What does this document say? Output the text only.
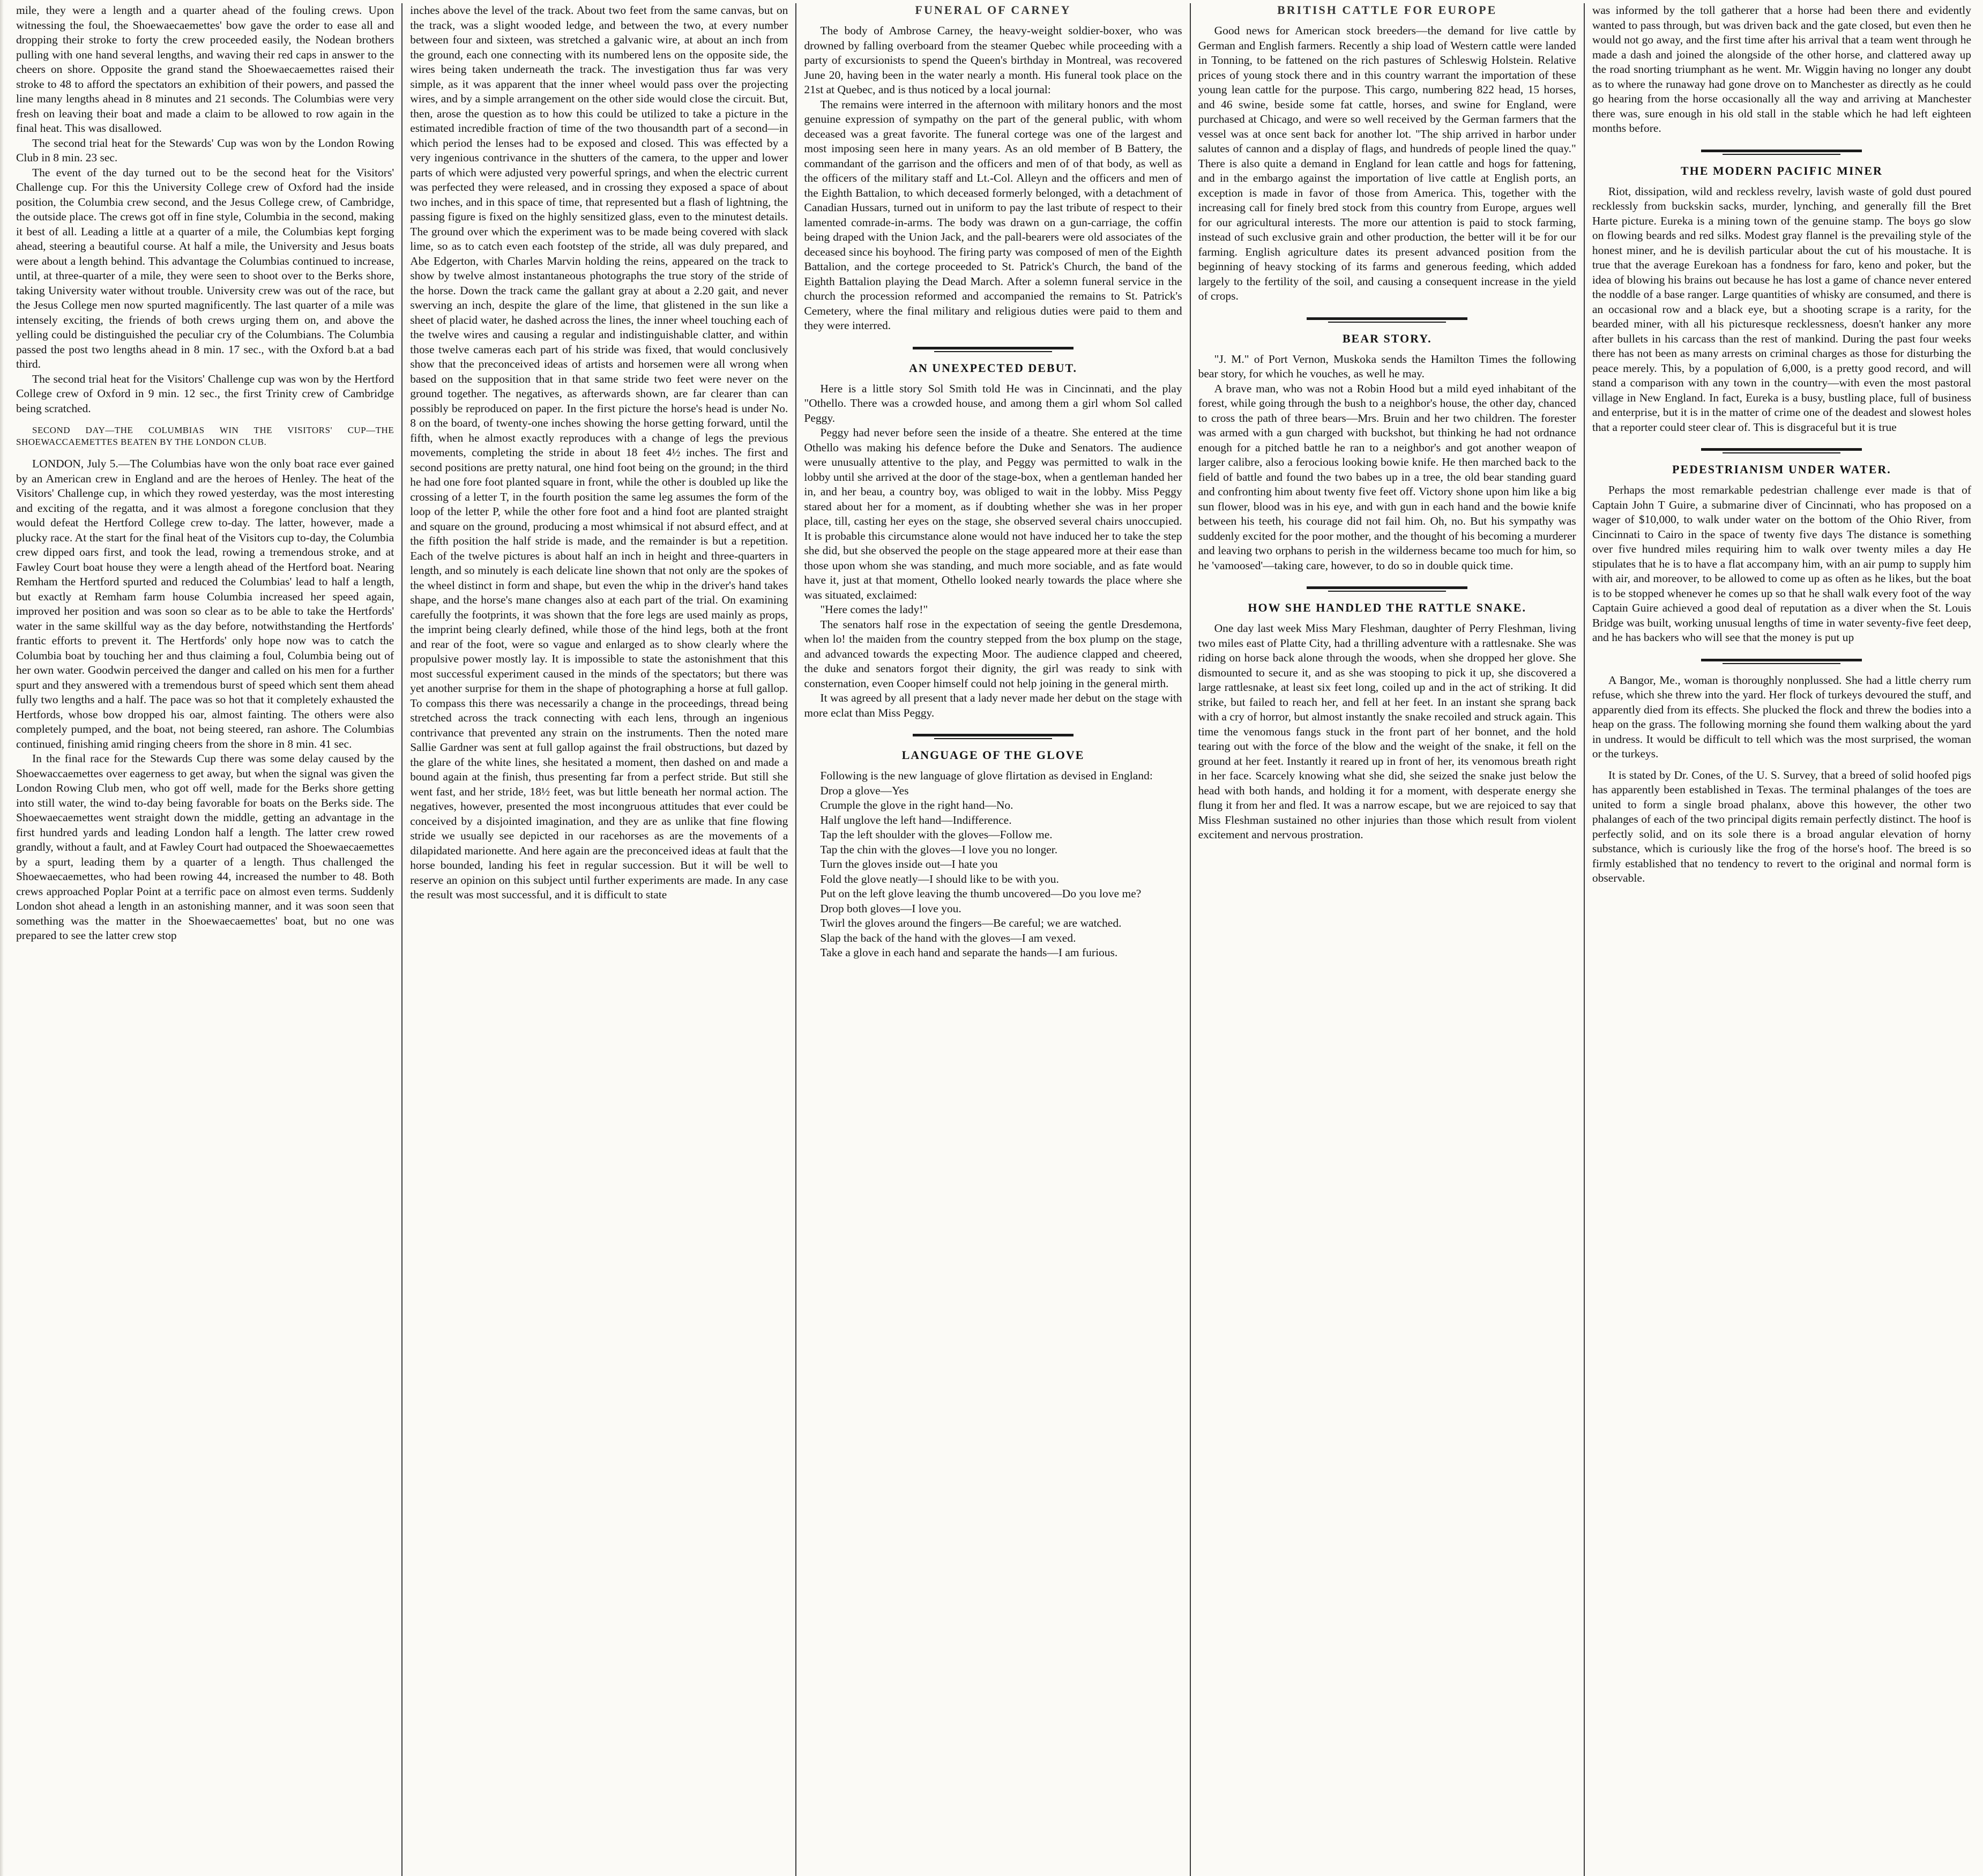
mile, they were a length and a quarter ahead of the fouling crews. Upon witnessing the foul, the Shoewaecaemettes' bow gave the order to ease all and dropping their stroke to forty the crew proceeded easily, the Nodean brothers pulling with one hand several lengths, and waving their red caps in answer to the cheers on shore. Opposite the grand stand the Shoewaecaemettes raised their stroke to 48 to afford the spectators an exhibition of their powers, and passed the line many lengths ahead in 8 minutes and 21 seconds. The Columbias were very fresh on leaving their boat and made a claim to be allowed to row again in the final heat. This was disallowed.

The second trial heat for the Stewards' Cup was won by the London Rowing Club in 8 min. 23 sec.

The event of the day turned out to be the second heat for the Visitors' Challenge cup. For this the University College crew of Oxford had the inside position, the Columbia crew second, and the Jesus College crew, of Cambridge, the outside place. The crews got off in fine style, Columbia in the second, making it best of all. Leading a little at a quarter of a mile, the Columbias kept forging ahead, steering a beautiful course. At half a mile, the University and Jesus boats were about a length behind. This advantage the Columbias continued to increase, until, at three-quarter of a mile, they were seen to shoot over to the Berks shore, taking University water without trouble. University crew was out of the race, but the Jesus College men now spurted magnificently. The last quarter of a mile was intensely exciting, the friends of both crews urging them on, and above the yelling could be distinguished the peculiar cry of the Columbians. The Columbia passed the post two lengths ahead in 8 min. 17 sec., with the Oxford b.at a bad third.

The second trial heat for the Visitors' Challenge cup was won by the Hertford College crew of Oxford in 9 min. 12 sec., the first Trinity crew of Cambridge being scratched.

SECOND DAY—THE COLUMBIAS WIN THE VISITORS' CUP—THE SHOEWACCAEMETTES BEATEN BY THE LONDON CLUB.

LONDON, July 5.—The Columbias have won the only boat race ever gained by an American crew in England and are the heroes of Henley. The heat of the Visitors' Challenge cup, in which they rowed yesterday, was the most interesting and exciting of the regatta, and it was almost a foregone conclusion that they would defeat the Hertford College crew to-day. The latter, however, made a plucky race. At the start for the final heat of the Visitors cup to-day, the Columbia crew dipped oars first, and took the lead, rowing a tremendous stroke, and at Fawley Court boat house they were a length ahead of the Hertford boat. Nearing Remham the Hertford spurted and reduced the Columbias' lead to half a length, but exactly at Remham farm house Columbia increased her speed again, improved her position and was soon so clear as to be able to take the Hertfords' water in the same skillful way as the day before, notwithstanding the Hertfords' frantic efforts to prevent it. The Hertfords' only hope now was to catch the Columbia boat by touching her and thus claiming a foul, Columbia being out of her own water. Goodwin perceived the danger and called on his men for a further spurt and they answered with a tremendous burst of speed which sent them ahead fully two lengths and a half. The pace was so hot that it completely exhausted the Hertfords, whose bow dropped his oar, almost fainting. The others were also completely pumped, and the boat, not being steered, ran ashore. The Columbias continued, finishing amid ringing cheers from the shore in 8 min. 41 sec.

In the final race for the Stewards Cup there was some delay caused by the Shoewaccaemettes over eagerness to get away, but when the signal was given the London Rowing Club men, who got off well, made for the Berks shore getting into still water, the wind to-day being favorable for boats on the Berks side. The Shoewaecaemettes went straight down the middle, getting an advantage in the first hundred yards and leading London half a length. The latter crew rowed grandly, without a fault, and at Fawley Court had outpaced the Shoewaecaemettes by a spurt, leading them by a quarter of a length. Thus challenged the Shoewaecaemettes, who had been rowing 44, increased the number to 48. Both crews approached Poplar Point at a terrific pace on almost even terms. Suddenly London shot ahead a length in an astonishing manner, and it was soon seen that something was the matter in the Shoewaecaemettes' boat, but no one was prepared to see the latter crew stop

inches above the level of the track. About two feet from the same canvas, but on the track, was a slight wooded ledge, and between the two, at every number between four and sixteen, was stretched a galvanic wire, at about an inch from the ground, each one connecting with its numbered lens on the opposite side, the wires being taken underneath the track. The investigation thus far was very simple, as it was apparent that the inner wheel would pass over the projecting wires, and by a simple arrangement on the other side would close the circuit. But, then, arose the question as to how this could be utilized to take a picture in the estimated incredible fraction of time of the two thousandth part of a second—in which period the lenses had to be exposed and closed. This was effected by a very ingenious contrivance in the shutters of the camera, to the upper and lower parts of which were adjusted very powerful springs, and when the electric current was perfected they were released, and in crossing they exposed a space of about two inches, and in this space of time, that represented but a flash of lightning, the passing figure is fixed on the highly sensitized glass, even to the minutest details. The ground over which the experiment was to be made being covered with slack lime, so as to catch even each footstep of the stride, all was duly prepared, and Abe Edgerton, with Charles Marvin holding the reins, appeared on the track to show by twelve almost instantaneous photographs the true story of the stride of the horse. Down the track came the gallant gray at about a 2.20 gait, and never swerving an inch, despite the glare of the lime, that glistened in the sun like a sheet of placid water, he dashed across the lines, the inner wheel touching each of the twelve wires and causing a regular and indistinguishable clatter, and within those twelve cameras each part of his stride was fixed, that would conclusively show that the preconceived ideas of artists and horsemen were all wrong when based on the supposition that in that same stride two feet were never on the ground together. The negatives, as afterwards shown, are far clearer than can possibly be reproduced on paper. In the first picture the horse's head is under No. 8 on the board, of twenty-one inches showing the horse getting forward, until the fifth, when he almost exactly reproduces with a change of legs the previous movements, completing the stride in about 18 feet 4½ inches. The first and second positions are pretty natural, one hind foot being on the ground; in the third he had one fore foot planted square in front, while the other is doubled up like the crossing of a letter T, in the fourth position the same leg assumes the form of the loop of the letter P, while the other fore foot and a hind foot are planted straight and square on the ground, producing a most whimsical if not absurd effect, and at the fifth position the half stride is made, and the remainder is but a repetition. Each of the twelve pictures is about half an inch in height and three-quarters in length, and so minutely is each delicate line shown that not only are the spokes of the wheel distinct in form and shape, but even the whip in the driver's hand takes shape, and the horse's mane changes also at each part of the trial. On examining carefully the footprints, it was shown that the fore legs are used mainly as props, the imprint being clearly defined, while those of the hind legs, both at the front and rear of the foot, were so vague and enlarged as to show clearly where the propulsive power mostly lay. It is impossible to state the astonishment that this most successful experiment caused in the minds of the spectators; but there was yet another surprise for them in the shape of photographing a horse at full gallop. To compass this there was necessarily a change in the proceedings, thread being stretched across the track connecting with each lens, through an ingenious contrivance that prevented any strain on the instruments. Then the noted mare Sallie Gardner was sent at full gallop against the frail obstructions, but dazed by the glare of the white lines, she hesitated a moment, then dashed on and made a bound again at the finish, thus presenting far from a perfect stride. But still she went fast, and her stride, 18½ feet, was but little beneath her normal action. The negatives, however, presented the most incongruous attitudes that ever could be conceived by a disjointed imagination, and they are as unlike that fine flowing stride we usually see depicted in our racehorses as are the movements of a dilapidated marionette. And here again are the preconceived ideas at fault that the horse bounded, landing his feet in regular succession. But it will be well to reserve an opinion on this subject until further experiments are made. In any case the result was most successful, and it is difficult to state

FUNERAL OF CARNEY

The body of Ambrose Carney, the heavy-weight soldier-boxer, who was drowned by falling overboard from the steamer Quebec while proceeding with a party of excursionists to spend the Queen's birthday in Montreal, was recovered June 20, having been in the water nearly a month. His funeral took place on the 21st at Quebec, and is thus noticed by a local journal:

The remains were interred in the afternoon with military honors and the most genuine expression of sympathy on the part of the general public, with whom deceased was a great favorite. The funeral cortege was one of the largest and most imposing seen here in many years. As an old member of B Battery, the commandant of the garrison and the officers and men of of that body, as well as the officers of the military staff and Lt.-Col. Alleyn and the officers and men of the Eighth Battalion, to which deceased formerly belonged, with a detachment of Canadian Hussars, turned out in uniform to pay the last tribute of respect to their lamented comrade-in-arms. The body was drawn on a gun-carriage, the coffin being draped with the Union Jack, and the pall-bearers were old associates of the deceased since his boyhood. The firing party was composed of men of the Eighth Battalion, and the cortege proceeded to St. Patrick's Church, the band of the Eighth Battalion playing the Dead March. After a solemn funeral service in the church the procession reformed and accompanied the remains to St. Patrick's Cemetery, where the final military and religious duties were paid to them and they were interred.

AN UNEXPECTED DEBUT.

Here is a little story Sol Smith told He was in Cincinnati, and the play "Othello. There was a crowded house, and among them a girl whom Sol called Peggy.

Peggy had never before seen the inside of a theatre. She entered at the time Othello was making his defence before the Duke and Senators. The audience were unusually attentive to the play, and Peggy was permitted to walk in the lobby until she arrived at the door of the stage-box, when a gentleman handed her in, and her beau, a country boy, was obliged to wait in the lobby. Miss Peggy stared about her for a moment, as if doubting whether she was in her proper place, till, casting her eyes on the stage, she observed several chairs unoccupied. It is probable this circumstance alone would not have induced her to take the step she did, but she observed the people on the stage appeared more at their ease than those upon whom she was standing, and much more sociable, and as fate would have it, just at that moment, Othello looked nearly towards the place where she was situated, exclaimed:

"Here comes the lady!"

The senators half rose in the expectation of seeing the gentle Dresdemona, when lo! the maiden from the country stepped from the box plump on the stage, and advanced towards the expecting Moor. The audience clapped and cheered, the duke and senators forgot their dignity, the girl was ready to sink with consternation, even Cooper himself could not help joining in the general mirth.

It was agreed by all present that a lady never made her debut on the stage with more eclat than Miss Peggy.

LANGUAGE OF THE GLOVE

Following is the new language of glove flirtation as devised in England:

Drop a glove—Yes

Crumple the glove in the right hand—No.

Half unglove the left hand—Indifference.

Tap the left shoulder with the gloves—Follow me.

Tap the chin with the gloves—I love you no longer.

Turn the gloves inside out—I hate you

Fold the glove neatly—I should like to be with you.

Put on the left glove leaving the thumb uncovered—Do you love me?

Drop both gloves—I love you.

Twirl the gloves around the fingers—Be careful; we are watched.

Slap the back of the hand with the gloves—I am vexed.

Take a glove in each hand and separate the hands—I am furious.

BRITISH CATTLE FOR EUROPE

Good news for American stock breeders—the demand for live cattle by German and English farmers. Recently a ship load of Western cattle were landed in Tonning, to be fattened on the rich pastures of Schleswig Holstein. Relative prices of young stock there and in this country warrant the importation of these young lean cattle for the purpose. This cargo, numbering 822 head, 15 horses, and 46 swine, beside some fat cattle, horses, and swine for England, were purchased at Chicago, and were so well received by the German farmers that the vessel was at once sent back for another lot. "The ship arrived in harbor under salutes of cannon and a display of flags, and hundreds of people lined the quay." There is also quite a demand in England for lean cattle and hogs for fattening, and in the embargo against the importation of live cattle at English ports, an exception is made in favor of those from America. This, together with the increasing call for finely bred stock from this country from Europe, argues well for our agricultural interests. The more our attention is paid to stock farming, instead of such exclusive grain and other production, the better will it be for our farming. English agriculture dates its present advanced position from the beginning of heavy stocking of its farms and generous feeding, which added largely to the fertility of the soil, and causing a consequent increase in the yield of crops.

BEAR STORY.

"J. M." of Port Vernon, Muskoka sends the Hamilton Times the following bear story, for which he vouches, as well he may.

A brave man, who was not a Robin Hood but a mild eyed inhabitant of the forest, while going through the bush to a neighbor's house, the other day, chanced to cross the path of three bears—Mrs. Bruin and her two children. The forester was armed with a gun charged with buckshot, but thinking he had not ordnance enough for a pitched battle he ran to a neighbor's and got another weapon of larger calibre, also a ferocious looking bowie knife. He then marched back to the field of battle and found the two babes up in a tree, the old bear standing guard and confronting him about twenty five feet off. Victory shone upon him like a big sun flower, blood was in his eye, and with gun in each hand and the bowie knife between his teeth, his courage did not fail him. Oh, no. But his sympathy was suddenly excited for the poor mother, and the thought of his becoming a murderer and leaving two orphans to perish in the wilderness became too much for him, so he 'vamoosed'—taking care, however, to do so in double quick time.

HOW SHE HANDLED THE RATTLE SNAKE.

One day last week Miss Mary Fleshman, daughter of Perry Fleshman, living two miles east of Platte City, had a thrilling adventure with a rattlesnake. She was riding on horse back alone through the woods, when she dropped her glove. She dismounted to secure it, and as she was stooping to pick it up, she discovered a large rattlesnake, at least six feet long, coiled up and in the act of striking. It did strike, but failed to reach her, and fell at her feet. In an instant she sprang back with a cry of horror, but almost instantly the snake recoiled and struck again. This time the venomous fangs stuck in the front part of her bonnet, and the hold tearing out with the force of the blow and the weight of the snake, it fell on the ground at her feet. Instantly it reared up in front of her, its venomous breath right in her face. Scarcely knowing what she did, she seized the snake just below the head with both hands, and holding it for a moment, with desperate energy she flung it from her and fled. It was a narrow escape, but we are rejoiced to say that Miss Fleshman sustained no other injuries than those which result from violent excitement and nervous prostration.

was informed by the toll gatherer that a horse had been there and evidently wanted to pass through, but was driven back and the gate closed, but even then he would not go away, and the first time after his arrival that a team went through he made a dash and joined the alongside of the other horse, and clattered away up the road snorting triumphant as he went. Mr. Wiggin having no longer any doubt as to where the runaway had gone drove on to Manchester as directly as he could go hearing from the horse occasionally all the way and arriving at Manchester there was, sure enough in his old stall in the stable which he had left eighteen months before.

THE MODERN PACIFIC MINER

Riot, dissipation, wild and reckless revelry, lavish waste of gold dust poured recklessly from buckskin sacks, murder, lynching, and generally fill the Bret Harte picture. Eureka is a mining town of the genuine stamp. The boys go slow on flowing beards and red silks. Modest gray flannel is the prevailing style of the honest miner, and he is devilish particular about the cut of his moustache. It is true that the average Eurekoan has a fondness for faro, keno and poker, but the idea of blowing his brains out because he has lost a game of chance never entered the noddle of a base ranger. Large quantities of whisky are consumed, and there is an occasional row and a black eye, but a shooting scrape is a rarity, for the bearded miner, with all his picturesque recklessness, doesn't hanker any more after bullets in his carcass than the rest of mankind. During the past four weeks there has not been as many arrests on criminal charges as those for disturbing the peace merely. This, by a population of 6,000, is a pretty good record, and will stand a comparison with any town in the country—with even the most pastoral village in New England. In fact, Eureka is a busy, bustling place, full of business and enterprise, but it is in the matter of crime one of the deadest and slowest holes that a reporter could steer clear of. This is disgraceful but it is true

PEDESTRIANISM UNDER WATER.

Perhaps the most remarkable pedestrian challenge ever made is that of Captain John T Guire, a submarine diver of Cincinnati, who has proposed on a wager of $10,000, to walk under water on the bottom of the Ohio River, from Cincinnati to Cairo in the space of twenty five days The distance is something over five hundred miles requiring him to walk over twenty miles a day He stipulates that he is to have a flat accompany him, with an air pump to supply him with air, and moreover, to be allowed to come up as often as he likes, but the boat is to be stopped whenever he comes up so that he shall walk every foot of the way Captain Guire achieved a good deal of reputation as a diver when the St. Louis Bridge was built, working unusual lengths of time in water seventy-five feet deep, and he has backers who will see that the money is put up

A Bangor, Me., woman is thoroughly nonplussed. She had a little cherry rum refuse, which she threw into the yard. Her flock of turkeys devoured the stuff, and apparently died from its effects. She plucked the flock and threw the bodies into a heap on the grass. The following morning she found them walking about the yard in undress. It would be difficult to tell which was the most surprised, the woman or the turkeys.

It is stated by Dr. Cones, of the U. S. Survey, that a breed of solid hoofed pigs has apparently been established in Texas. The terminal phalanges of the toes are united to form a single broad phalanx, above this however, the other two phalanges of each of the two principal digits remain perfectly distinct. The hoof is perfectly solid, and on its sole there is a broad angular elevation of horny substance, which is curiously like the frog of the horse's hoof. The breed is so firmly established that no tendency to revert to the original and normal form is observable.
